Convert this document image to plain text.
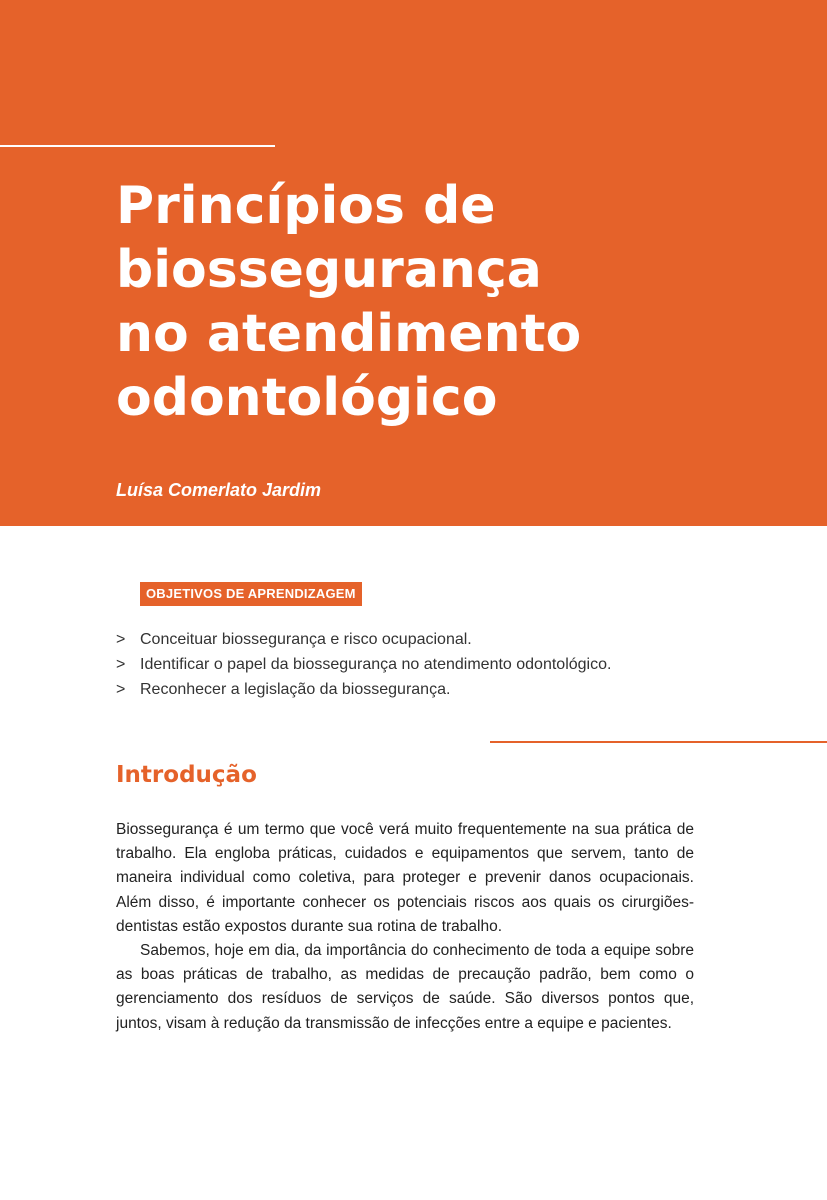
Princípios de
biossegurança
no atendimento
odontológico
Luísa Comerlato Jardim
OBJETIVOS DE APRENDIZAGEM
> Conceituar biossegurança e risco ocupacional.
> Identificar o papel da biossegurança no atendimento odontológico.
> Reconhecer a legislação da biossegurança.
Introdução

Biossegurança é um termo que você verá muito frequentemente na sua prática de trabalho. Ela engloba práticas, cuidados e equipamentos que servem, tanto de maneira individual como coletiva, para proteger e prevenir danos ocupacionais. Além disso, é importante conhecer os potenciais riscos aos quais os cirurgiões-dentistas estão expostos durante sua rotina de trabalho.

Sabemos, hoje em dia, da importância do conhecimento de toda a equipe sobre as boas práticas de trabalho, as medidas de precaução padrão, bem como o gerenciamento dos resíduos de serviços de saúde. São diversos pontos que, juntos, visam à redução da transmissão de infecções entre a equipe e pacientes.
